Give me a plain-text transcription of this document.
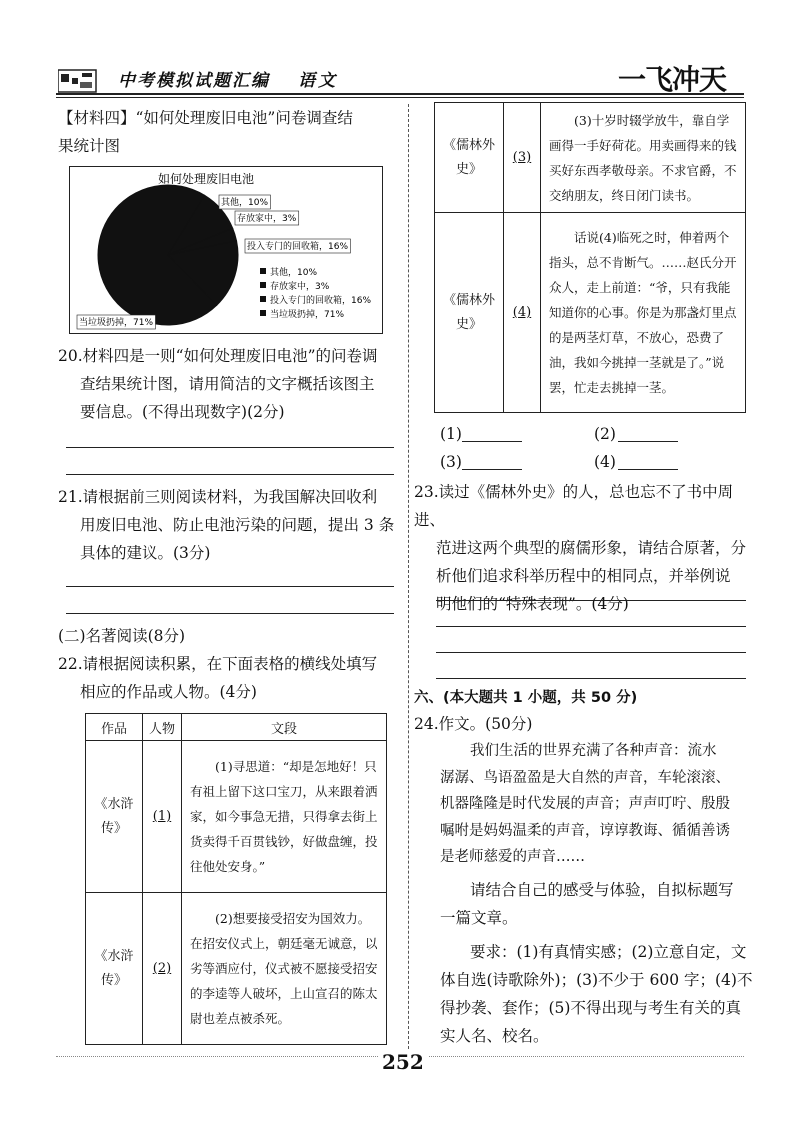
中考模拟试题汇编 语文	一飞冲天
【材料四】“如何处理废旧电池”问卷调查结
果统计图
如何处理废旧电池
其他，10%
存放家中，3%
投入专门的回收箱，16%
当垃圾扔掉，71%
其他，10%
存放家中，3%
投入专门的回收箱，16%
当垃圾扔掉，71%
20.材料四是一则“如何处理废旧电池”的问卷调
查结果统计图，请用简洁的文字概括该图主
要信息。(不得出现数字)(2分)
21.请根据前三则阅读材料，为我国解决回收利
用废旧电池、防止电池污染的问题，提出 3 条
具体的建议。(3分)
(二)名著阅读(8分)
22.请根据阅读积累，在下面表格的横线处填写
相应的作品或人物。(4分)
作品	人物	文段
《水浒传》	(1)	(1)寻思道：“却是怎地好！只有祖上留下这口宝刀，从来跟着洒家，如今事急无措，只得拿去街上货卖得千百贯钱钞，好做盘缠，投往他处安身。”
《水浒传》	(2)	(2)想要接受招安为国效力。在招安仪式上，朝廷毫无诚意，以劣等酒应付，仪式被不愿接受招安的李逵等人破坏，上山宣召的陈太尉也差点被杀死。
《儒林外史》	(3)	(3)十岁时辍学放牛，靠自学画得一手好荷花。用卖画得来的钱买好东西孝敬母亲。不求官爵，不交纳朋友，终日闭门读书。
《儒林外史》	(4)	话说(4)临死之时，伸着两个指头，总不肯断气。……赵氏分开众人，走上前道：“爷，只有我能知道你的心事。你是为那盏灯里点的是两茎灯草，不放心，恐费了油，我如今挑掉一茎就是了。”说罢，忙走去挑掉一茎。
(1)	(2)
(3)	(4)
23.读过《儒林外史》的人，总也忘不了书中周进、
范进这两个典型的腐儒形象，请结合原著，分
析他们追求科举历程中的相同点，并举例说
明他们的“特殊表现”。(4分)
六、(本大题共 1 小题，共 50 分)
24.作文。(50分)
我们生活的世界充满了各种声音：流水
潺潺、鸟语盈盈是大自然的声音，车轮滚滚、
机器隆隆是时代发展的声音；声声叮咛、殷殷
嘱咐是妈妈温柔的声音，谆谆教诲、循循善诱
是老师慈爱的声音……
请结合自己的感受与体验，自拟标题写
一篇文章。
要求：(1)有真情实感；(2)立意自定，文
体自选(诗歌除外)；(3)不少于 600 字；(4)不
得抄袭、套作；(5)不得出现与考生有关的真
实人名、校名。
252
